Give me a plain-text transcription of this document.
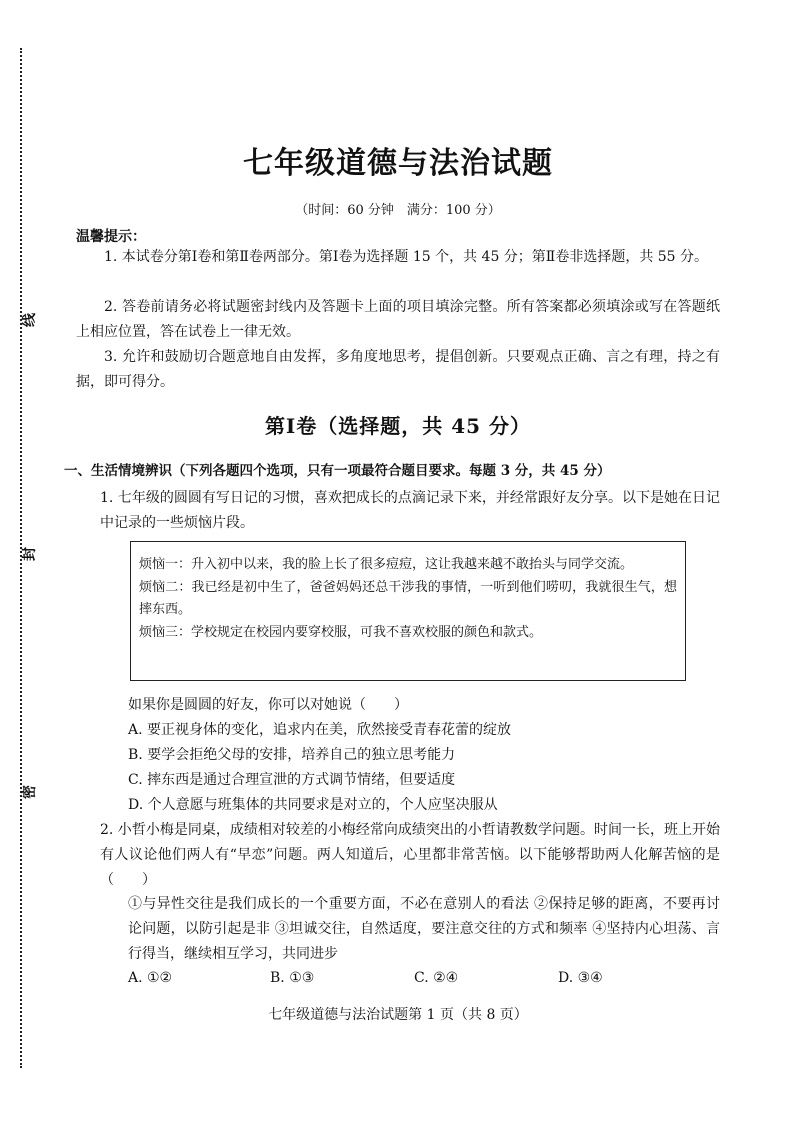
线
封
密
七年级道德与法治试题
（时间：60 分钟　满分：100 分）
温馨提示：

1. 本试卷分第Ⅰ卷和第Ⅱ卷两部分。第Ⅰ卷为选择题 15 个，共 45 分；第Ⅱ卷非选择题，共 55 分。

2. 答卷前请务必将试题密封线内及答题卡上面的项目填涂完整。所有答案都必须填涂或写在答题纸上相应位置，答在试卷上一律无效。

3. 允许和鼓励切合题意地自由发挥，多角度地思考，提倡创新。只要观点正确、言之有理，持之有据，即可得分。

第Ⅰ卷（选择题，共 45 分）
一、生活情境辨识（下列各题四个选项，只有一项最符合题目要求。每题 3 分，共 45 分）

1. 七年级的圆圆有写日记的习惯，喜欢把成长的点滴记录下来，并经常跟好友分享。以下是她在日记中记录的一些烦恼片段。

烦恼一：升入初中以来，我的脸上长了很多痘痘，这让我越来越不敢抬头与同学交流。

烦恼二：我已经是初中生了，爸爸妈妈还总干涉我的事情，一听到他们唠叨，我就很生气，想摔东西。

烦恼三：学校规定在校园内要穿校服，可我不喜欢校服的颜色和款式。

如果你是圆圆的好友，你可以对她说（　　）
A. 要正视身体的变化，追求内在美，欣然接受青春花蕾的绽放
B. 要学会拒绝父母的安排，培养自己的独立思考能力
C. 摔东西是通过合理宣泄的方式调节情绪，但要适度
D. 个人意愿与班集体的共同要求是对立的，个人应坚决服从

2. 小哲小梅是同桌，成绩相对较差的小梅经常向成绩突出的小哲请教数学问题。时间一长，班上开始有人议论他们两人有“早恋”问题。两人知道后，心里都非常苦恼。以下能够帮助两人化解苦恼的是（　　）

①与异性交往是我们成长的一个重要方面，不必在意别人的看法 ②保持足够的距离，不要再讨论问题，以防引起是非 ③坦诚交往，自然适度，要注意交往的方式和频率 ④坚持内心坦荡、言行得当，继续相互学习，共同进步

A. ①②	B. ①③	C. ②④	D. ③④
七年级道德与法治试题第 1 页（共 8 页）
